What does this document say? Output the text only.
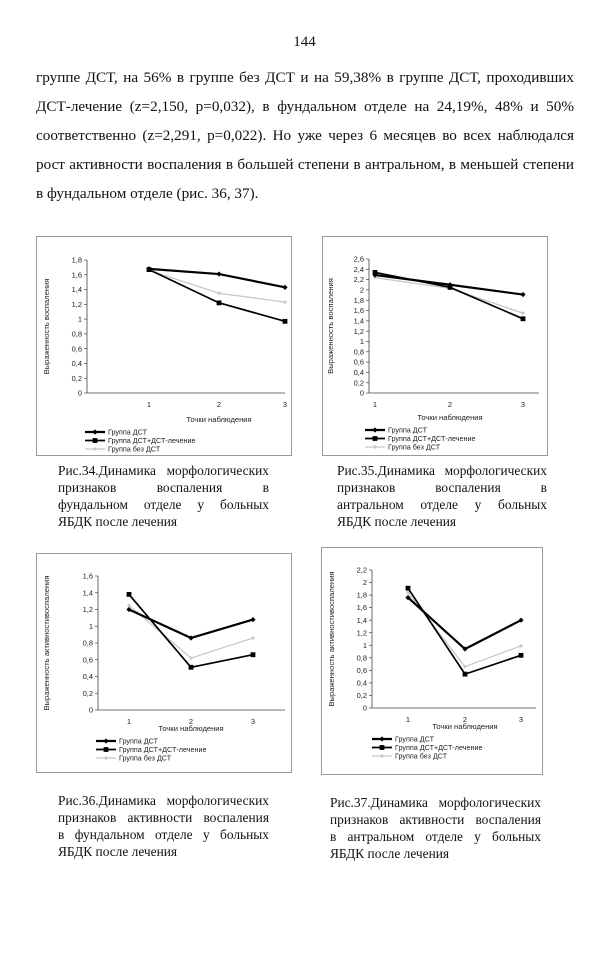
144

группе ДСТ, на 56% в группе без ДСТ и на 59,38% в группе ДСТ, проходивших ДСТ-лечение (z=2,150, p=0,032), в фундальном отделе на 24,19%, 48% и 50% соответственно (z=2,291, p=0,022). Но уже через 6 месяцев во всех наблюдался рост активности воспаления в большей степени в антральном, в меньшей степени в фундальном отделе (рис. 36, 37).

0
0,2
0,4
0,6
0,8
1
1,2
1,4
1,6
1,8
1	2	3
Выраженность воспаления
Точки наблюдения
Группа ДСТ
Группа ДСТ+ДСТ-лечение
Группа без ДСТ

Рис.34.Динамика морфологических
признаков воспаления в
фундальном отделе у больных
ЯБДК после лечения

0
0,2
0,4
0,6
0,8
1
1,2
1,4
1,6
1,8
2
2,2
2,4
2,6
1	2	3
Выраженность воспаления
Точки наблюдения
Группа ДСТ
Группа ДСТ+ДСТ-лечение
Группа без ДСТ

Рис.35.Динамика морфологических
признаков воспаления в
антральном отделе у больных
ЯБДК после лечения

0
0,2
0,4
0,6
0,8
1
1,2
1,4
1,6
1	2	3
Выраженность активностивоспаления
Точки наблюдения
Группа ДСТ
Группа ДСТ+ДСТ-лечение
Группа без ДСТ

Рис.36.Динамика морфологических
признаков активности воспаления
в фундальном отделе у больных
ЯБДК после лечения

0
0,2
0,4
0,6
0,8
1
1,2
1,4
1,6
1,8
2
2,2
1	2	3
Выраженность активностивоспаления
Точки наблюдения
Группа ДСТ
Группа ДСТ+ДСТ-лечение
Группа без ДСТ

Рис.37.Динамика морфологических
признаков активности воспаления
в антральном отделе у больных
ЯБДК после лечения
